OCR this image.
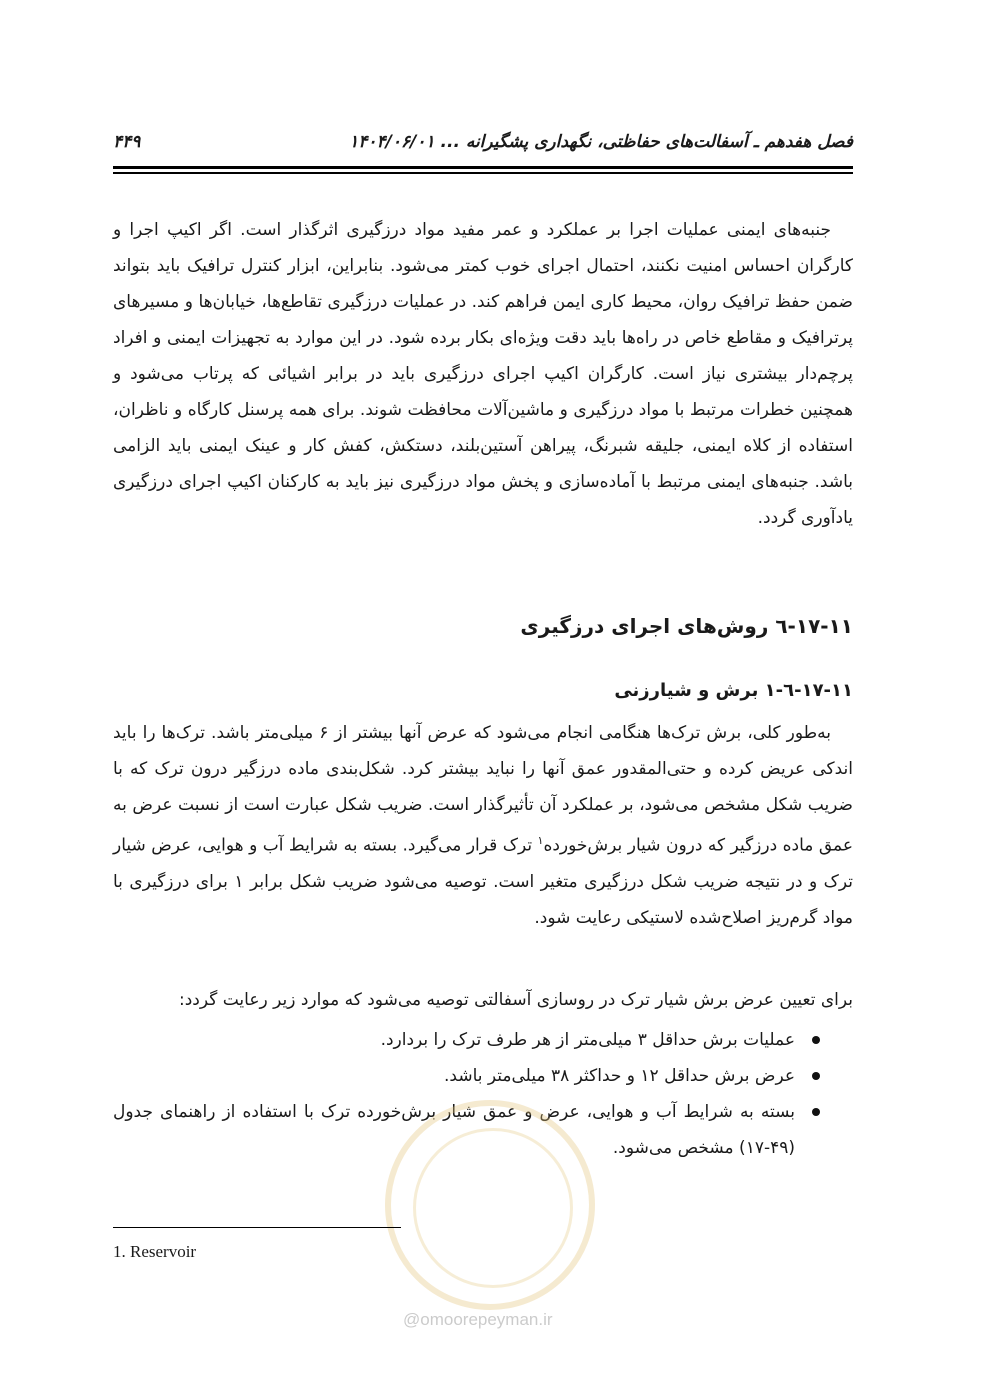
فصل هفدهم ـ آسفالت‌های حفاظتی، نگهداری پشگیرانه ... ۱۴۰۴/۰۶/۰۱
۴۴۹

جنبه‌های ایمنی عملیات اجرا بر عملکرد و عمر مفید مواد درزگیری اثرگذار است. اگر اکیپ اجرا و کارگران احساس امنیت نکنند، احتمال اجرای خوب کمتر می‌شود. بنابراین، ابزار کنترل ترافیک باید بتواند ضمن حفظ ترافیک روان، محیط کاری ایمن فراهم کند. در عملیات درزگیری تقاطع‌ها، خیابان‌ها و مسیرهای پرترافیک و مقاطع خاص در راه‌ها باید دقت ویژه‌ای بکار برده شود. در این موارد به تجهیزات ایمنی و افراد پرچم‌دار بیشتری نیاز است. کارگران اکیپ اجرای درزگیری باید در برابر اشیائی که پرتاب می‌شود و همچنین خطرات مرتبط با مواد درزگیری و ماشین‌آلات محافظت شوند. برای همه پرسنل کارگاه و ناظران، استفاده از کلاه ایمنی، جلیقه شبرنگ، پیراهن آستین‌بلند، دستکش، کفش کار و عینک ایمنی باید الزامی باشد. جنبه‌های ایمنی مرتبط با آماده‌سازی و پخش مواد درزگیری نیز باید به کارکنان اکیپ اجرای درزگیری یادآوری گردد.

۱۷-۱۱-٦ روش‌های اجرای درزگیری
۱۷-۱۱-٦-۱ برش و شیارزنی

به‌طور کلی، برش ترک‌ها هنگامی انجام می‌شود که عرض آنها بیشتر از ۶ میلی‌متر باشد. ترک‌ها را باید اندکی عریض کرده و حتی‌المقدور عمق آنها را نباید بیشتر کرد. شکل‌بندی ماده درزگیر درون ترک که با ضریب شکل مشخص می‌شود، بر عملکرد آن تأثیرگذار است. ضریب شکل عبارت است از نسبت عرض به عمق ماده درزگیر که درون شیار برش‌خورده$^۱$ ترک قرار می‌گیرد. بسته به شرایط آب و هوایی، عرض شیار ترک و در نتیجه ضریب شکل درزگیری متغیر است. توصیه می‌شود ضریب شکل برابر ۱ برای درزگیری با مواد گرم‌ریز اصلاح‌شده لاستیکی رعایت شود.

برای تعیین عرض برش شیار ترک در روسازی آسفالتی توصیه می‌شود که موارد زیر رعایت گردد:

عملیات برش حداقل ۳ میلی‌متر از هر طرف ترک را بردارد.
عرض برش حداقل ۱۲ و حداکثر ۳۸ میلی‌متر باشد.
بسته به شرایط آب و هوایی، عرض و عمق شیار برش‌خورده ترک با استفاده از راهنمای جدول (۴۹-۱۷) مشخص می‌شود.
@omoorepeyman.ir
1. Reservoir
